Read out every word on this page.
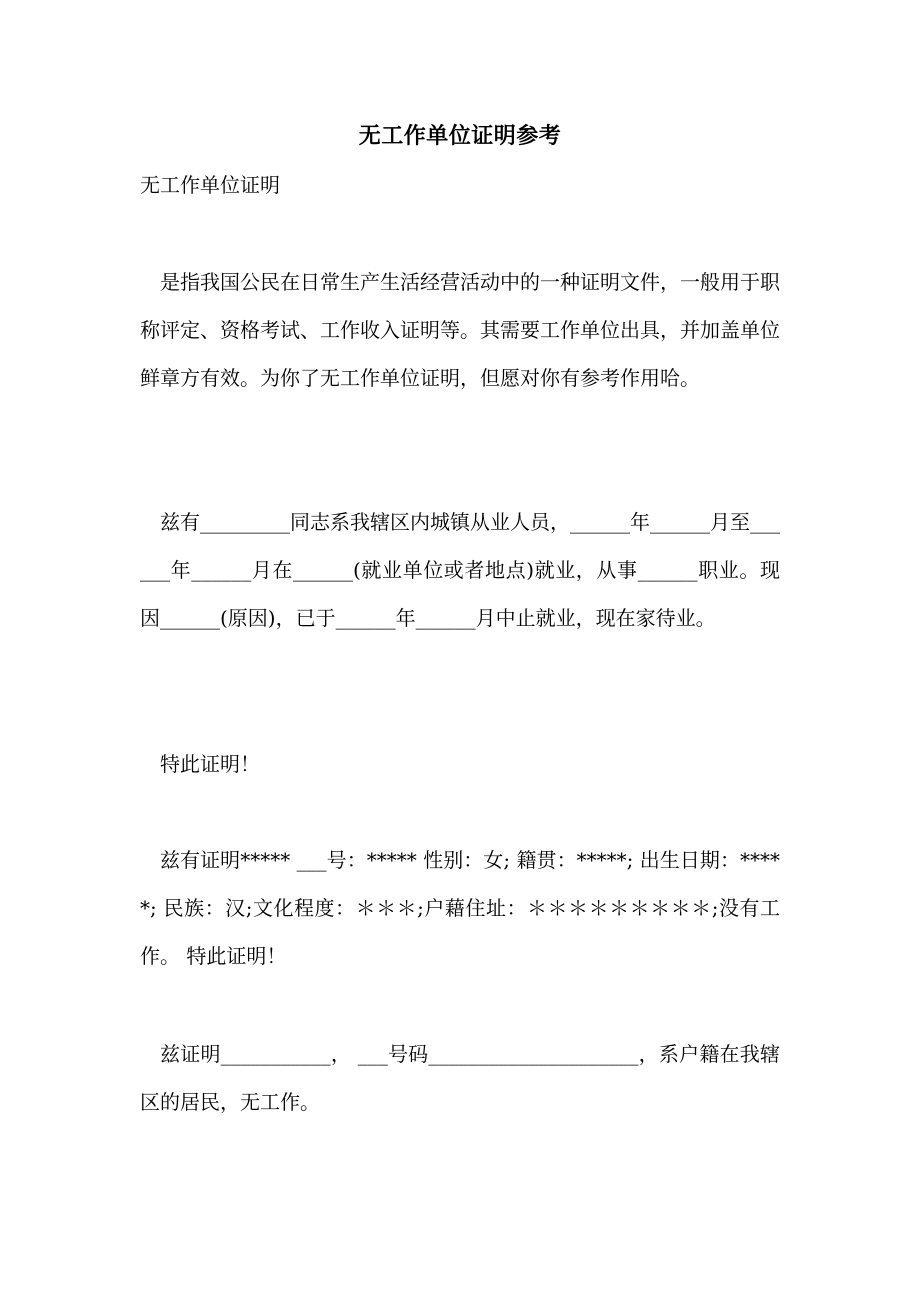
无工作单位证明参考
无工作单位证明
是指我国公民在日常生产生活经营活动中的一种证明文件，一般用于职称评定、资格考试、工作收入证明等。其需要工作单位出具，并加盖单位鲜章方有效。为你了无工作单位证明，但愿对你有参考作用哈。
兹有_________同志系我辖区内城镇从业人员，______年______月至______年______月在______(就业单位或者地点)就业，从事______职业。现因______(原因)，已于______年______月中止就业，现在家待业。
特此证明！
兹有证明***** ___号：***** 性别：女; 籍贯：*****; 出生日期：*****; 民族：汉;文化程度：＊＊＊;户藉住址：＊＊＊＊＊＊＊＊＊;没有工作。 特此证明！
兹证明___________， ___号码_____________________，系户籍在我辖区的居民，无工作。
